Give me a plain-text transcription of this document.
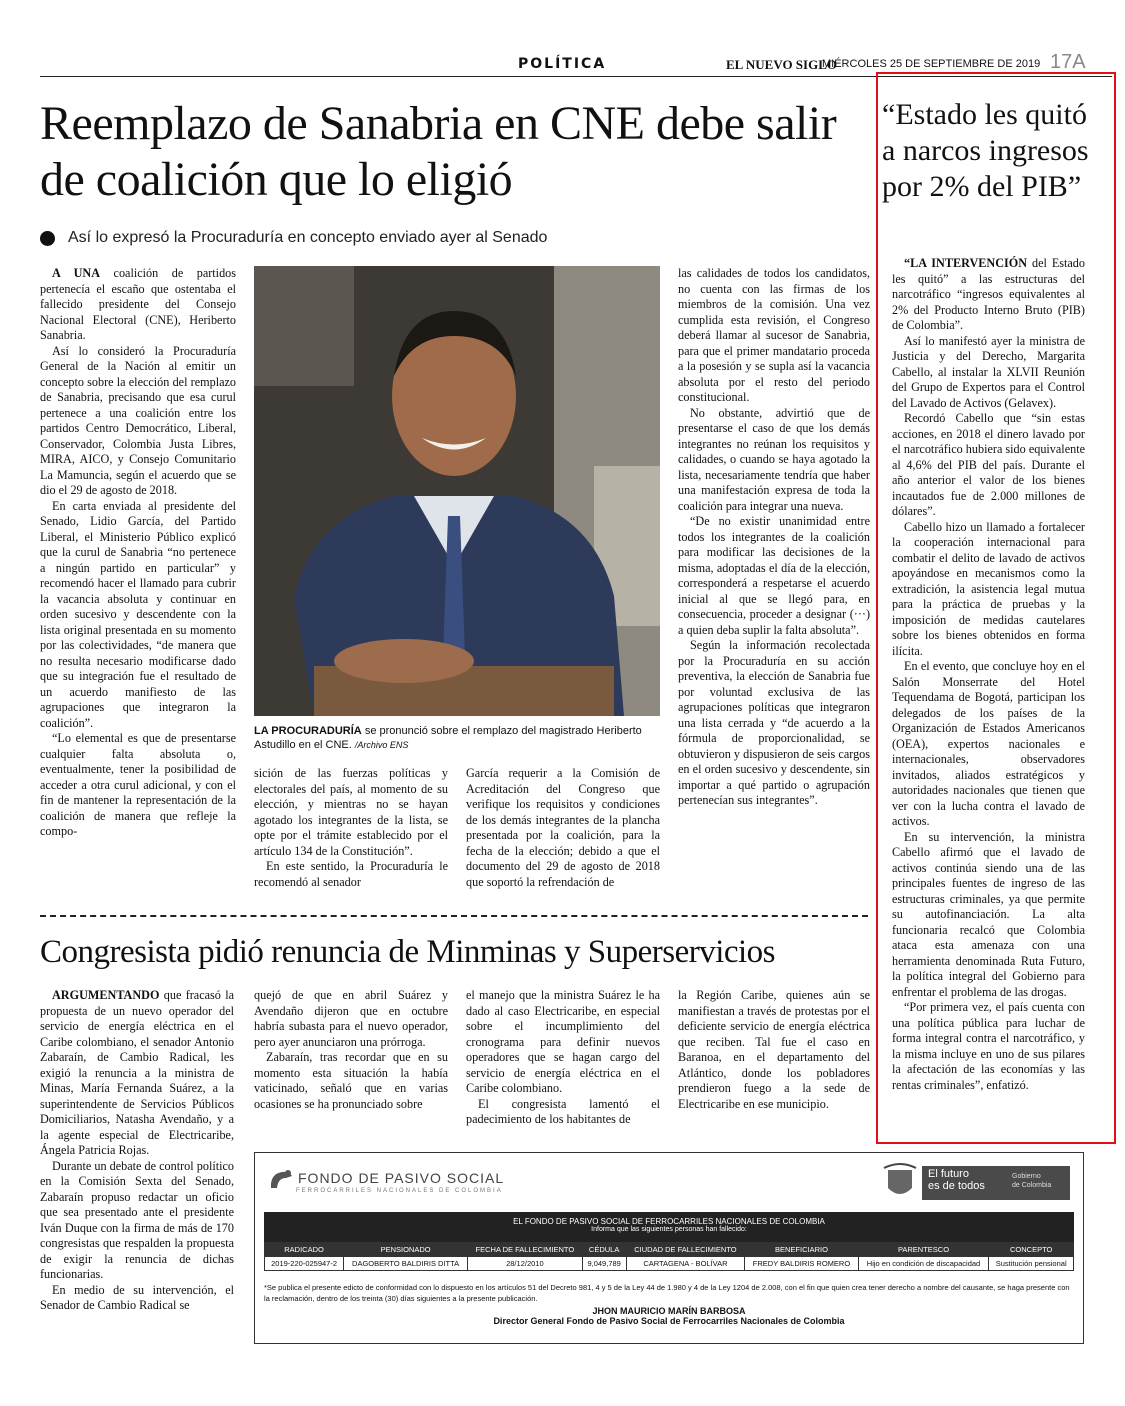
POLÍTICA	EL NUEVO SIGLO
MIÉRCOLES 25 DE SEPTIEMBRE DE 2019 17A
Reemplazo de Sanabria en CNE debe salir de coalición que lo eligió
Así lo expresó la Procuraduría en concepto enviado ayer al Senado

A UNA coalición de partidos pertenecía el escaño que ostentaba el fallecido presidente del Consejo Nacional Electoral (CNE), Heriberto Sanabria.

Así lo consideró la Procuraduría General de la Nación al emitir un concepto sobre la elección del remplazo de Sanabria, precisando que esa curul pertenece a una coalición entre los partidos Centro Democrático, Liberal, Conservador, Colombia Justa Libres, MIRA, AICO, y Consejo Comunitario La Mamuncia, según el acuerdo que se dio el 29 de agosto de 2018.

En carta enviada al presidente del Senado, Lidio García, del Partido Liberal, el Ministerio Público explicó que la curul de Sanabria “no pertenece a ningún partido en particular” y recomendó hacer el llamado para cubrir la vacancia absoluta y continuar en orden sucesivo y descendente con la lista original presentada en su momento por las colectividades, “de manera que no resulta necesario modificarse dado que su integración fue el resultado de un acuerdo manifiesto de las agrupaciones que integraron la coalición”.

“Lo elemental es que de presentarse cualquier falta absoluta o, eventualmente, tener la posibilidad de acceder a otra curul adicional, y con el fin de mantener la representación de la coalición de manera que refleje la compo-

LA PROCURADURÍA se pronunció sobre el remplazo del magistrado Heriberto Astudillo en el CNE. /Archivo ENS

sición de las fuerzas políticas y electorales del país, al momento de su elección, y mientras no se hayan agotado los integrantes de la lista, se opte por el trámite establecido por el artículo 134 de la Constitución”.

En este sentido, la Procuraduría le recomendó al senador

García requerir a la Comisión de Acreditación del Congreso que verifique los requisitos y condiciones de los demás integrantes de la plancha presentada por la coalición, para la fecha de la elección; debido a que el documento del 29 de agosto de 2018 que soportó la refrendación de

las calidades de todos los candidatos, no cuenta con las firmas de los miembros de la comisión. Una vez cumplida esta revisión, el Congreso deberá llamar al sucesor de Sanabria, para que el primer mandatario proceda a la posesión y se supla así la vacancia absoluta por el resto del periodo constitucional.

No obstante, advirtió que de presentarse el caso de que los demás integrantes no reúnan los requisitos y calidades, o cuando se haya agotado la lista, necesariamente tendría que haber una manifestación expresa de toda la coalición para integrar una nueva.

“De no existir unanimidad entre todos los integrantes de la coalición para modificar las decisiones de la misma, adoptadas el día de la elección, corresponderá a respetarse el acuerdo inicial al que se llegó para, en consecuencia, proceder a designar (···) a quien deba suplir la falta absoluta”.

Según la información recolectada por la Procuraduría en su acción preventiva, la elección de Sanabria fue por voluntad exclusiva de las agrupaciones políticas que integraron una lista cerrada y “de acuerdo a la fórmula de proporcionalidad, se obtuvieron y dispusieron de seis cargos en el orden sucesivo y descendente, sin importar a qué partido o agrupación pertenecían sus integrantes”.

Congresista pidió renuncia de Minminas y Superservicios

ARGUMENTANDO que fracasó la propuesta de un nuevo operador del servicio de energía eléctrica en el Caribe colombiano, el senador Antonio Zabaraín, de Cambio Radical, les exigió la renuncia a la ministra de Minas, María Fernanda Suárez, a la superintendente de Servicios Públicos Domiciliarios, Natasha Avendaño, y a la agente especial de Electricaribe, Ángela Patricia Rojas.

Durante un debate de control político en la Comisión Sexta del Senado, Zabaraín propuso redactar un oficio que sea presentado ante el presidente Iván Duque con la firma de más de 170 congresistas que respalden la propuesta de exigir la renuncia de dichas funcionarias.

En medio de su intervención, el Senador de Cambio Radical se

quejó de que en abril Suárez y Avendaño dijeron que en octubre habría subasta para el nuevo operador, pero ayer anunciaron una prórroga.

Zabaraín, tras recordar que en su momento esta situación la había vaticinado, señaló que en varias ocasiones se ha pronunciado sobre

el manejo que la ministra Suárez le ha dado al caso Electricaribe, en especial sobre el incumplimiento del cronograma para definir nuevos operadores que se hagan cargo del servicio de energía eléctrica en el Caribe colombiano.

El congresista lamentó el padecimiento de los habitantes de

la Región Caribe, quienes aún se manifiestan a través de protestas por el deficiente servicio de energía eléctrica que reciben. Tal fue el caso en Baranoa, en el departamento del Atlántico, donde los pobladores prendieron fuego a la sede de Electricaribe en ese municipio.

“Estado les quitó a narcos ingresos por 2% del PIB”

“LA INTERVENCIÓN del Estado les quitó” a las estructuras del narcotráfico “ingresos equivalentes al 2% del Producto Interno Bruto (PIB) de Colombia”.

Así lo manifestó ayer la ministra de Justicia y del Derecho, Margarita Cabello, al instalar la XLVII Reunión del Grupo de Expertos para el Control del Lavado de Activos (Gelavex).

Recordó Cabello que “sin estas acciones, en 2018 el dinero lavado por el narcotráfico hubiera sido equivalente al 4,6% del PIB del país. Durante el año anterior el valor de los bienes incautados fue de 2.000 millones de dólares”.

Cabello hizo un llamado a fortalecer la cooperación internacional para combatir el delito de lavado de activos apoyándose en mecanismos como la extradición, la asistencia legal mutua para la práctica de pruebas y la imposición de medidas cautelares sobre los bienes obtenidos en forma ilícita.

En el evento, que concluye hoy en el Salón Monserrate del Hotel Tequendama de Bogotá, participan los delegados de los países de la Organización de Estados Americanos (OEA), expertos nacionales e internacionales, observadores invitados, aliados estratégicos y autoridades nacionales que tienen que ver con la lucha contra el lavado de activos.

En su intervención, la ministra Cabello afirmó que el lavado de activos continúa siendo una de las principales fuentes de ingreso de las estructuras criminales, ya que permite su autofinanciación. La alta funcionaria recalcó que Colombia ataca esta amenaza con una herramienta denominada Ruta Futuro, la política integral del Gobierno para enfrentar el problema de las drogas.

“Por primera vez, el país cuenta con una política pública para luchar de forma integral contra el narcotráfico, y la misma incluye en uno de sus pilares la afectación de las economías y las rentas criminales”, enfatizó.

FONDO DE PASIVO SOCIAL
FERROCARRILES NACIONALES DE COLOMBIA
El futuro
es de todos
Gobierno
de Colombia
EL FONDO DE PASIVO SOCIAL DE FERROCARRILES NACIONALES DE COLOMBIA
Informa que las siguientes personas han fallecido:
RADICADO	PENSIONADO	FECHA DE FALLECIMIENTO	CÉDULA	CIUDAD DE FALLECIMIENTO	BENEFICIARIO	PARENTESCO	CONCEPTO
2019-220-025947-2	DAGOBERTO BALDIRIS DITTA	28/12/2010	9,049,789	CARTAGENA - BOLÍVAR	FREDY BALDIRIS ROMERO	Hijo en condición de discapacidad	Sustitución pensional
*Se publica el presente edicto de conformidad con lo dispuesto en los artículos 51 del Decreto 981, 4 y 5 de la Ley 44 de 1.980 y 4 de la Ley 1204 de 2.008, con el fin que quien crea tener derecho a nombre del causante, se haga presente con la reclamación, dentro de los treinta (30) días siguientes a la presente publicación.
JHON MAURICIO MARÍN BARBOSA
Director General Fondo de Pasivo Social de Ferrocarriles Nacionales de Colombia
